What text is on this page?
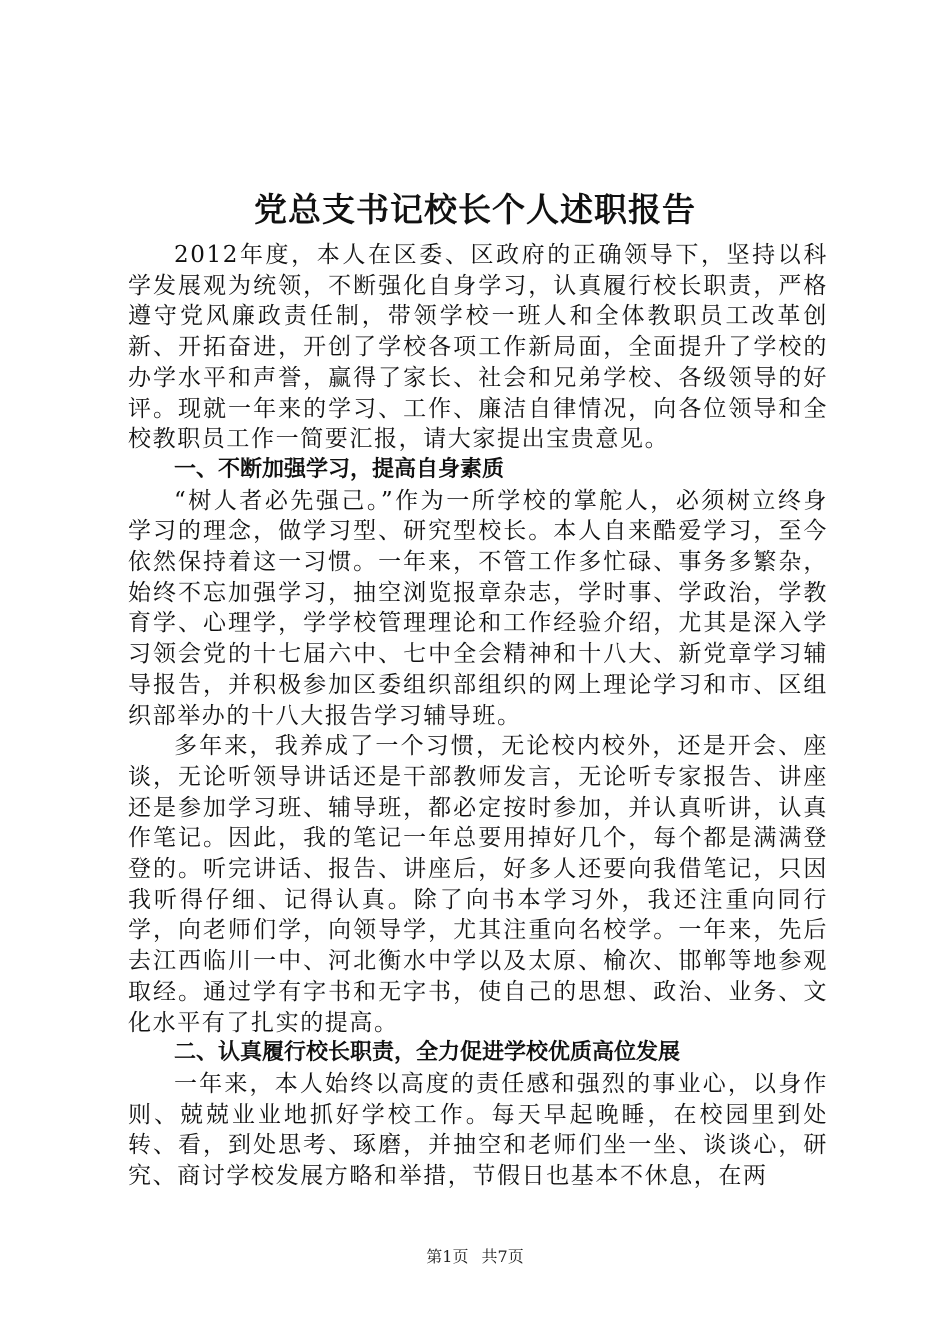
党总支书记校长个人述职报告

2012年度，本人在区委、区政府的正确领导下，坚持以科学发展观为统领，不断强化自身学习，认真履行校长职责，严格遵守党风廉政责任制，带领学校一班人和全体教职员工改革创新、开拓奋进，开创了学校各项工作新局面，全面提升了学校的办学水平和声誉，赢得了家长、社会和兄弟学校、各级领导的好评。现就一年来的学习、工作、廉洁自律情况，向各位领导和全校教职员工作一简要汇报，请大家提出宝贵意见。

一、不断加强学习，提高自身素质

“树人者必先强己。”作为一所学校的掌舵人，必须树立终身学习的理念，做学习型、研究型校长。本人自来酷爱学习，至今依然保持着这一习惯。一年来，不管工作多忙碌、事务多繁杂，始终不忘加强学习，抽空浏览报章杂志，学时事、学政治，学教育学、心理学，学学校管理理论和工作经验介绍，尤其是深入学习领会党的十七届六中、七中全会精神和十八大、新党章学习辅导报告，并积极参加区委组织部组织的网上理论学习和市、区组织部举办的十八大报告学习辅导班。

多年来，我养成了一个习惯，无论校内校外，还是开会、座谈，无论听领导讲话还是干部教师发言，无论听专家报告、讲座还是参加学习班、辅导班，都必定按时参加，并认真听讲，认真作笔记。因此，我的笔记一年总要用掉好几个，每个都是满满登登的。听完讲话、报告、讲座后，好多人还要向我借笔记，只因我听得仔细、记得认真。除了向书本学习外，我还注重向同行学，向老师们学，向领导学，尤其注重向名校学。一年来，先后去江西临川一中、河北衡水中学以及太原、榆次、邯郸等地参观取经。通过学有字书和无字书，使自己的思想、政治、业务、文化水平有了扎实的提高。

二、认真履行校长职责，全力促进学校优质高位发展

一年来，本人始终以高度的责任感和强烈的事业心，以身作则、兢兢业业地抓好学校工作。每天早起晚睡，在校园里到处转、看，到处思考、琢磨，并抽空和老师们坐一坐、谈谈心，研究、商讨学校发展方略和举措，节假日也基本不休息，在两

第1页 共7页
